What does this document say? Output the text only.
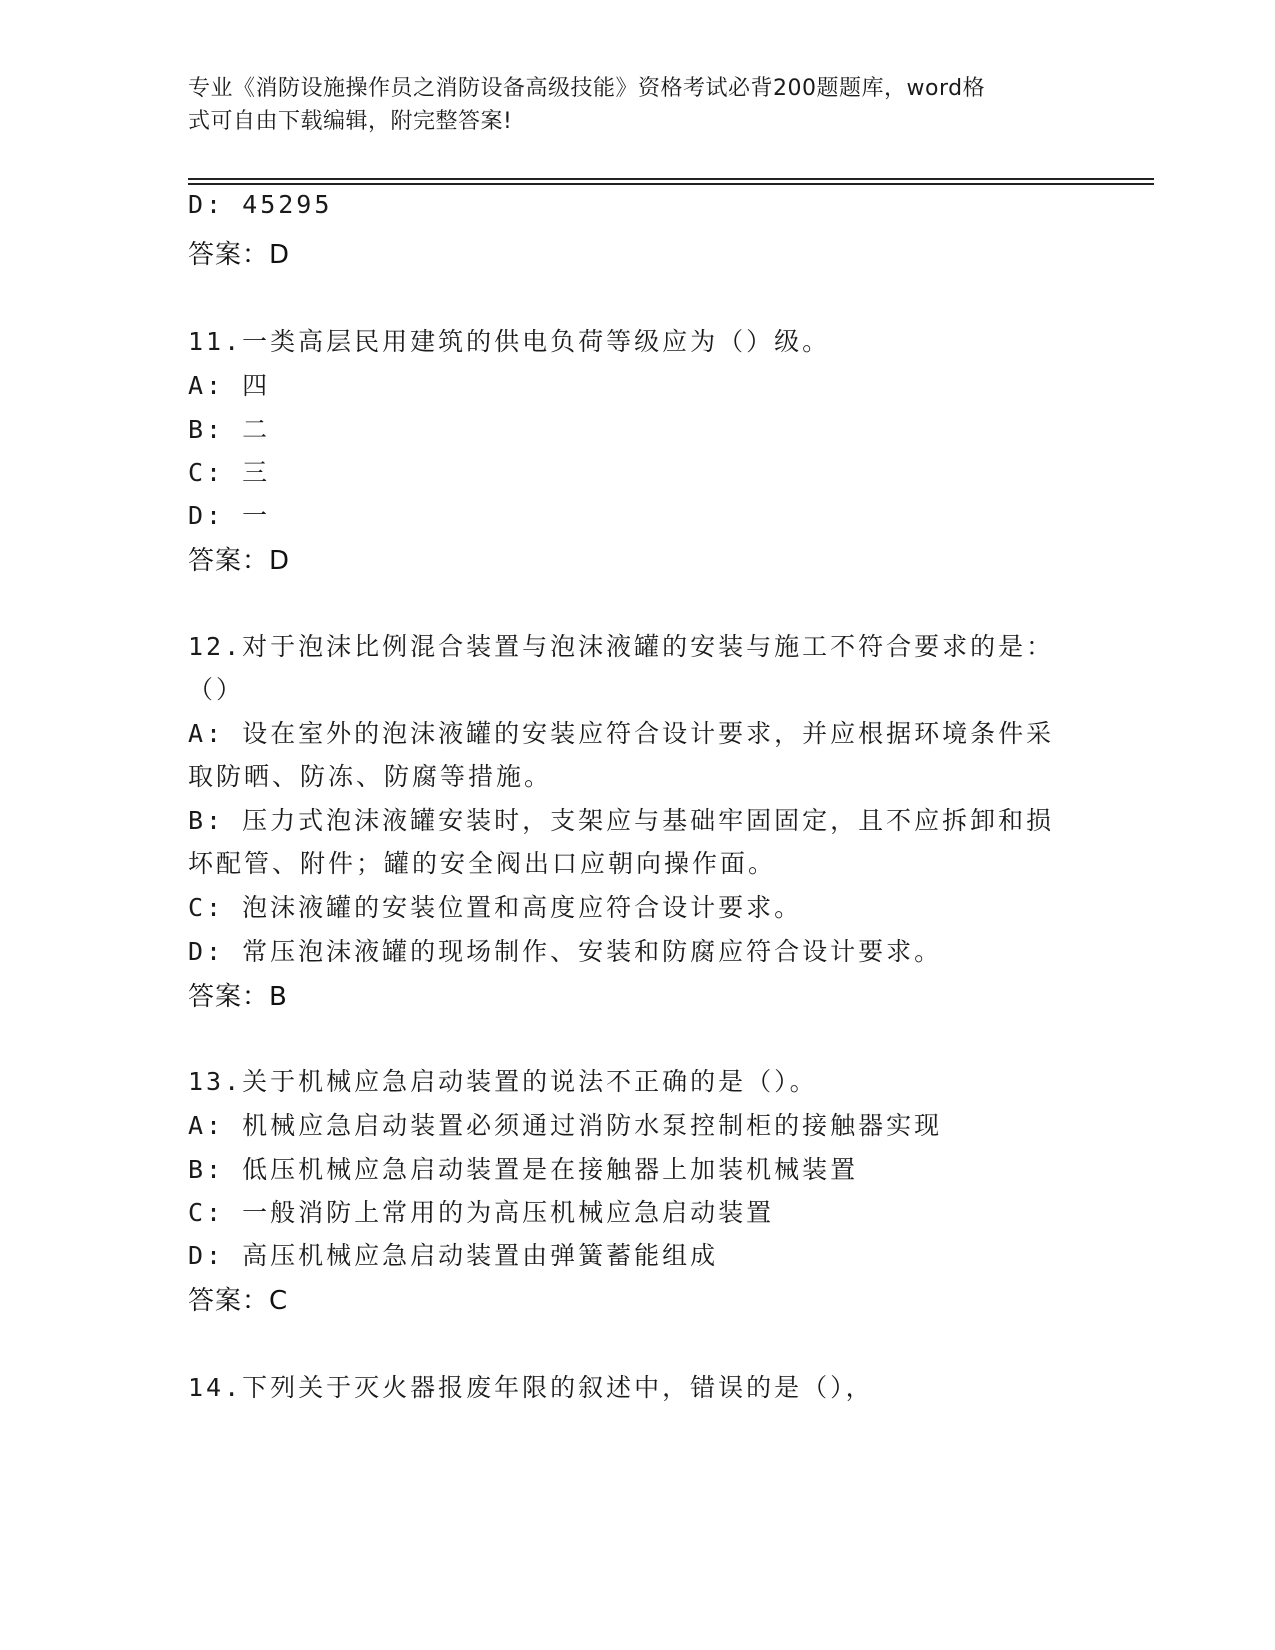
专业《消防设施操作员之消防设备高级技能》资格考试必背200题题库，word格
式可自由下载编辑，附完整答案!
D: 45295
答案：D
11.一类高层民用建筑的供电负荷等级应为（）级。
A: 四
B: 二
C: 三
D: 一
答案：D
12.对于泡沫比例混合装置与泡沫液罐的安装与施工不符合要求的是：
（）
A: 设在室外的泡沫液罐的安装应符合设计要求，并应根据环境条件采
取防晒、防冻、防腐等措施。
B: 压力式泡沫液罐安装时，支架应与基础牢固固定，且不应拆卸和损
坏配管、附件；罐的安全阀出口应朝向操作面。
C: 泡沫液罐的安装位置和高度应符合设计要求。
D: 常压泡沫液罐的现场制作、安装和防腐应符合设计要求。
答案：B
13.关于机械应急启动装置的说法不正确的是（）。
A: 机械应急启动装置必须通过消防水泵控制柜的接触器实现
B: 低压机械应急启动装置是在接触器上加装机械装置
C: 一般消防上常用的为高压机械应急启动装置
D: 高压机械应急启动装置由弹簧蓄能组成
答案：C
14.下列关于灭火器报废年限的叙述中，错误的是（），
